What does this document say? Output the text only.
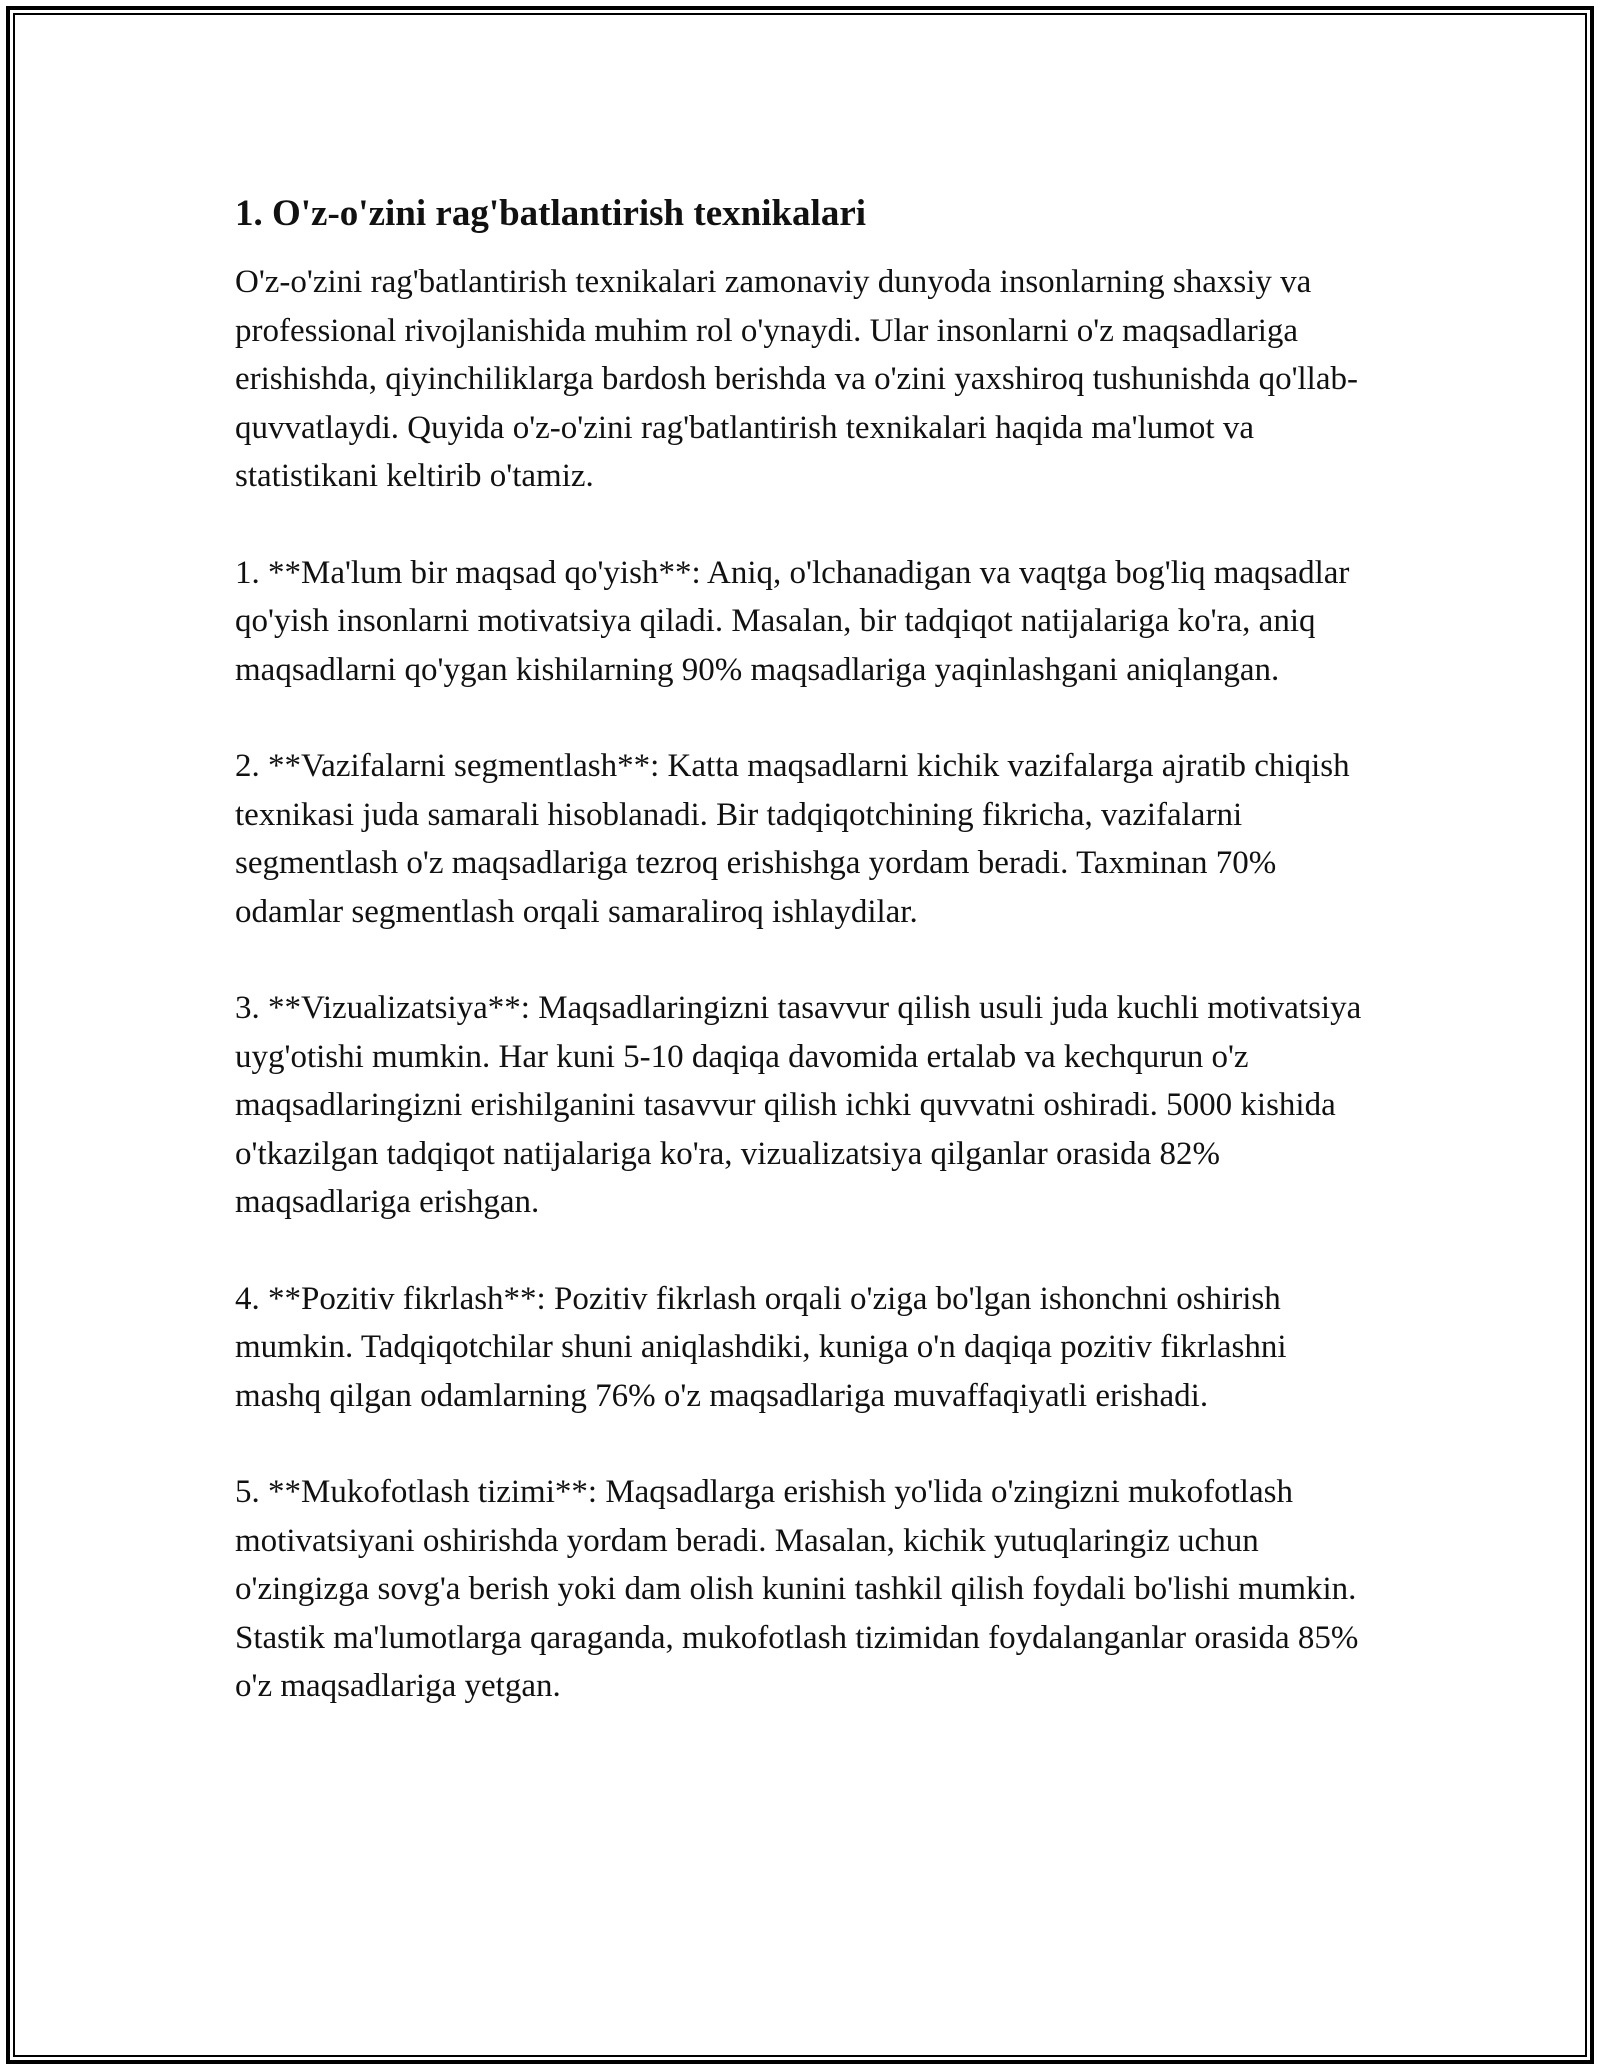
1. O'z-o'zini rag'batlantirish texnikalari

O'z-o'zini rag'batlantirish texnikalari zamonaviy dunyoda insonlarning shaxsiy va professional rivojlanishida muhim rol o'ynaydi. Ular insonlarni o'z maqsadlariga erishishda, qiyinchiliklarga bardosh berishda va o'zini yaxshiroq tushunishda qo'llab-quvvatlaydi. Quyida o'z-o'zini rag'batlantirish texnikalari haqida ma'lumot va statistikani keltirib o'tamiz.

1. **Ma'lum bir maqsad qo'yish**: Aniq, o'lchanadigan va vaqtga bog'liq maqsadlar qo'yish insonlarni motivatsiya qiladi. Masalan, bir tadqiqot natijalariga ko'ra, aniq maqsadlarni qo'ygan kishilarning 90% maqsadlariga yaqinlashgani aniqlangan.

2. **Vazifalarni segmentlash**: Katta maqsadlarni kichik vazifalarga ajratib chiqish texnikasi juda samarali hisoblanadi. Bir tadqiqotchining fikricha, vazifalarni segmentlash o'z maqsadlariga tezroq erishishga yordam beradi. Taxminan 70% odamlar segmentlash orqali samaraliroq ishlaydilar.

3. **Vizualizatsiya**: Maqsadlaringizni tasavvur qilish usuli juda kuchli motivatsiya uyg'otishi mumkin. Har kuni 5-10 daqiqa davomida ertalab va kechqurun o'z maqsadlaringizni erishilganini tasavvur qilish ichki quvvatni oshiradi. 5000 kishida o'tkazilgan tadqiqot natijalariga ko'ra, vizualizatsiya qilganlar orasida 82% maqsadlariga erishgan.

4. **Pozitiv fikrlash**: Pozitiv fikrlash orqali o'ziga bo'lgan ishonchni oshirish mumkin. Tadqiqotchilar shuni aniqlashdiki, kuniga o'n daqiqa pozitiv fikrlashni mashq qilgan odamlarning 76% o'z maqsadlariga muvaffaqiyatli erishadi.

5. **Mukofotlash tizimi**: Maqsadlarga erishish yo'lida o'zingizni mukofotlash motivatsiyani oshirishda yordam beradi. Masalan, kichik yutuqlaringiz uchun o'zingizga sovg'a berish yoki dam olish kunini tashkil qilish foydali bo'lishi mumkin. Stastik ma'lumotlarga qaraganda, mukofotlash tizimidan foydalanganlar orasida 85% o'z maqsadlariga yetgan.
